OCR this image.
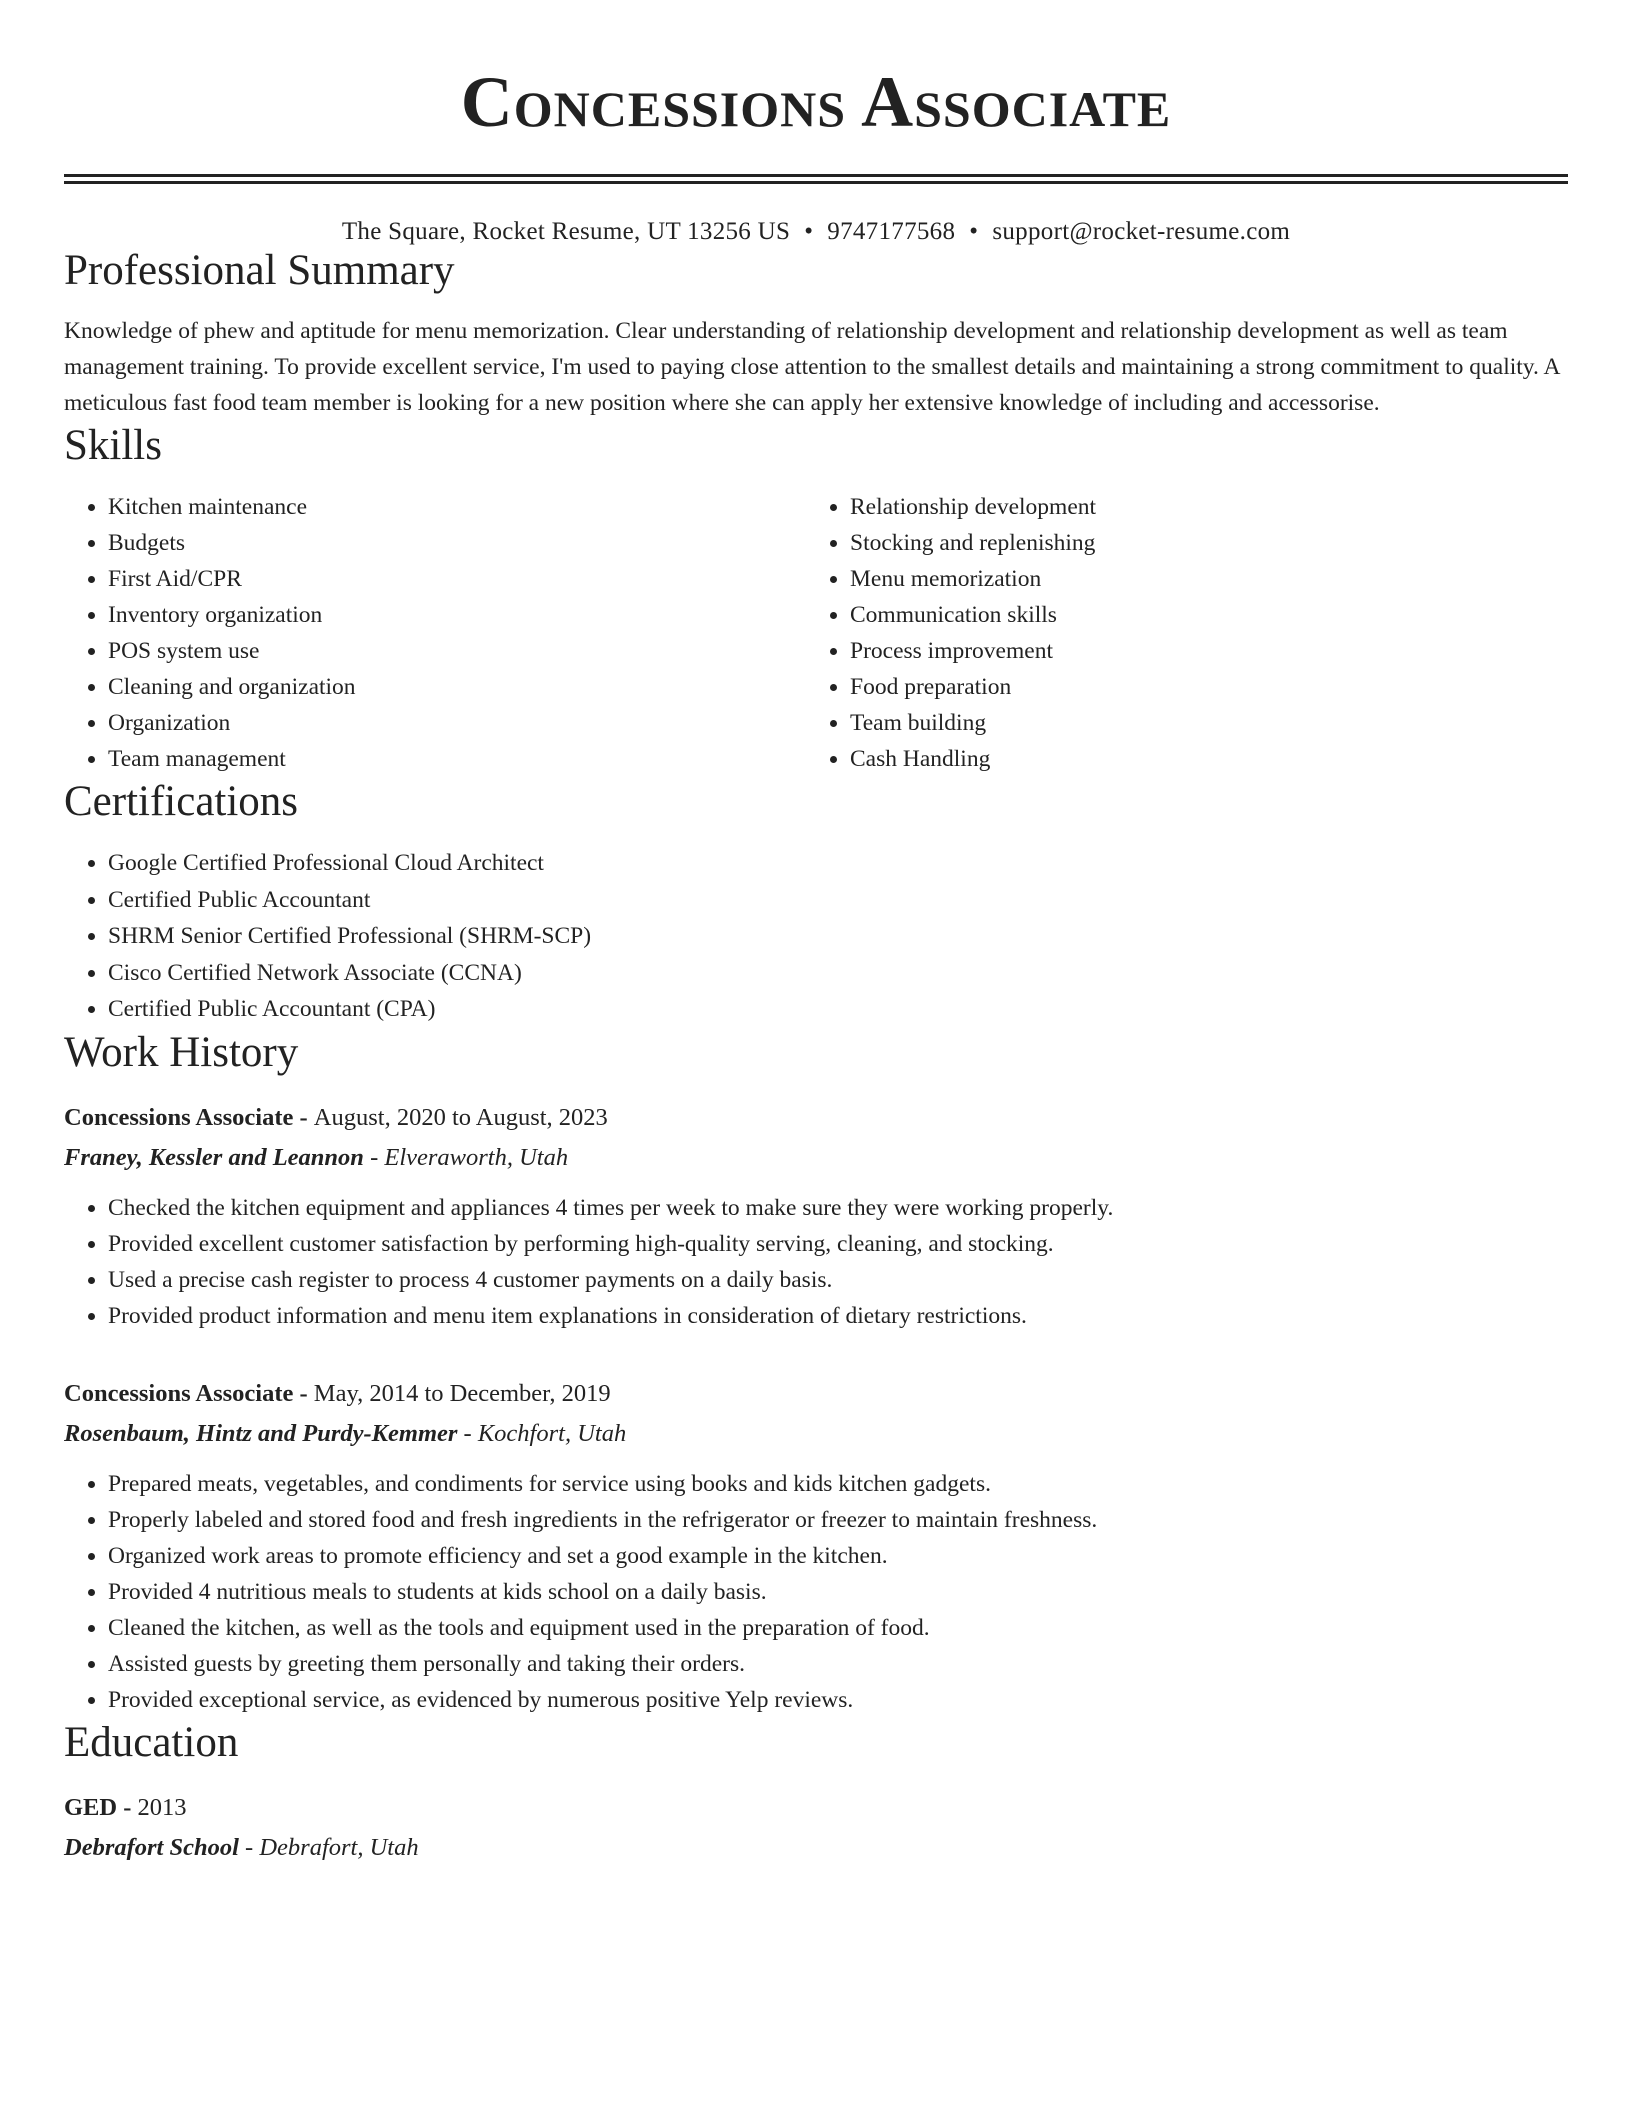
Concessions Associate
The Square, Rocket Resume, UT 13256 US • 9747177568 • support@rocket-resume.com
Professional Summary

Knowledge of phew and aptitude for menu memorization. Clear understanding of relationship development and relationship development as well as team management training. To provide excellent service, I'm used to paying close attention to the smallest details and maintaining a strong commitment to quality. A meticulous fast food team member is looking for a new position where she can apply her extensive knowledge of including and accessorise.

Skills
• Kitchen maintenance
• Budgets
• First Aid/CPR
• Inventory organization
• POS system use
• Cleaning and organization
• Organization
• Team management
• Relationship development
• Stocking and replenishing
• Menu memorization
• Communication skills
• Process improvement
• Food preparation
• Team building
• Cash Handling
Certifications
• Google Certified Professional Cloud Architect
• Certified Public Accountant
• SHRM Senior Certified Professional (SHRM-SCP)
• Cisco Certified Network Associate (CCNA)
• Certified Public Accountant (CPA)
Work History
Concessions Associate - August, 2020 to August, 2023
Franey, Kessler and Leannon - Elveraworth, Utah
• Checked the kitchen equipment and appliances 4 times per week to make sure they were working properly.
• Provided excellent customer satisfaction by performing high-quality serving, cleaning, and stocking.
• Used a precise cash register to process 4 customer payments on a daily basis.
• Provided product information and menu item explanations in consideration of dietary restrictions.
Concessions Associate - May, 2014 to December, 2019
Rosenbaum, Hintz and Purdy-Kemmer - Kochfort, Utah
• Prepared meats, vegetables, and condiments for service using books and kids kitchen gadgets.
• Properly labeled and stored food and fresh ingredients in the refrigerator or freezer to maintain freshness.
• Organized work areas to promote efficiency and set a good example in the kitchen.
• Provided 4 nutritious meals to students at kids school on a daily basis.
• Cleaned the kitchen, as well as the tools and equipment used in the preparation of food.
• Assisted guests by greeting them personally and taking their orders.
• Provided exceptional service, as evidenced by numerous positive Yelp reviews.
Education
GED - 2013
Debrafort School - Debrafort, Utah
